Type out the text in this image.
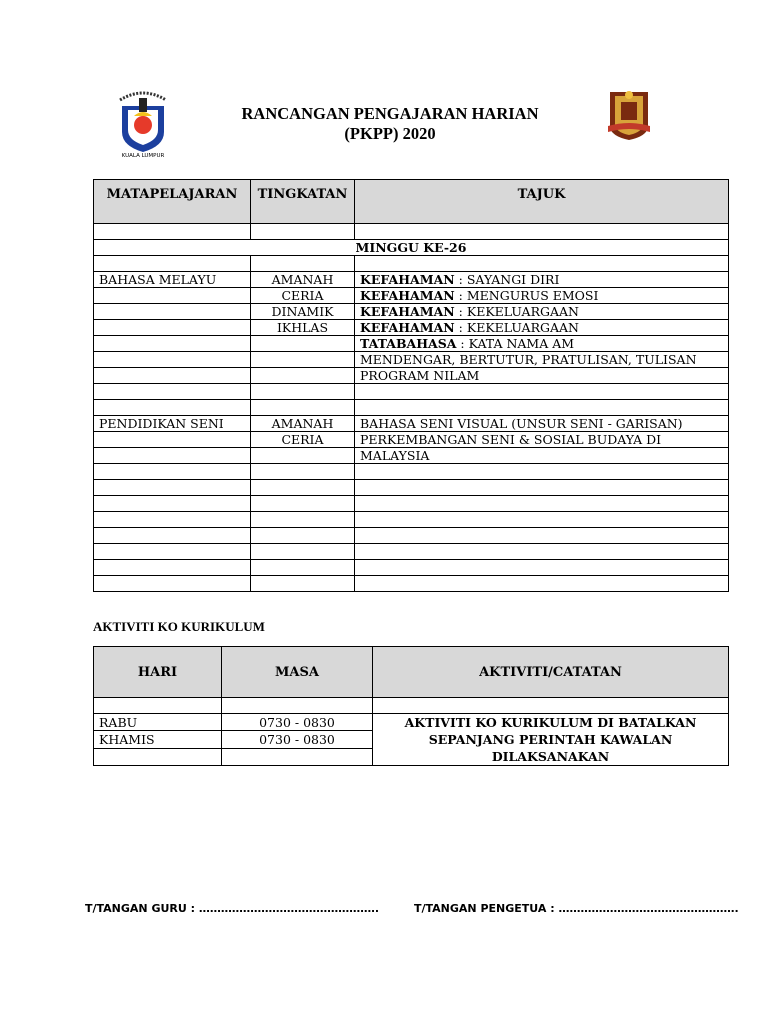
KUALA LUMPUR
RANCANGAN PENGAJARAN HARIAN
(PKPP) 2020
MATAPELAJARAN	TINGKATAN	TAJUK

MINGGU KE-26		

BAHASA MELAYU	AMANAH	KEFAHAMAN : SAYANGI DIRI
	CERIA	KEFAHAMAN : MENGURUS EMOSI
	DINAMIK	KEFAHAMAN : KEKELUARGAAN
	IKHLAS	KEFAHAMAN : KEKELUARGAAN
		TATABAHASA : KATA NAMA AM
		MENDENGAR, BERTUTUR, PRATULISAN, TULISAN
		PROGRAM NILAM

PENDIDIKAN SENI	AMANAH	BAHASA SENI VISUAL (UNSUR SENI - GARISAN)
	CERIA	PERKEMBANGAN SENI & SOSIAL BUDAYA DI
		MALAYSIA

AKTIVITI KO KURIKULUM
HARI	MASA	AKTIVITI/CATATAN

RABU	0730 - 0830	AKTIVITI KO KURIKULUM DI BATALKAN SEPANJANG PERINTAH KAWALAN DILAKSANAKAN
KHAMIS	0730 - 0830	

T/TANGAN GURU : ………………………………………….	T/TANGAN PENGETUA : ………………………………………….
